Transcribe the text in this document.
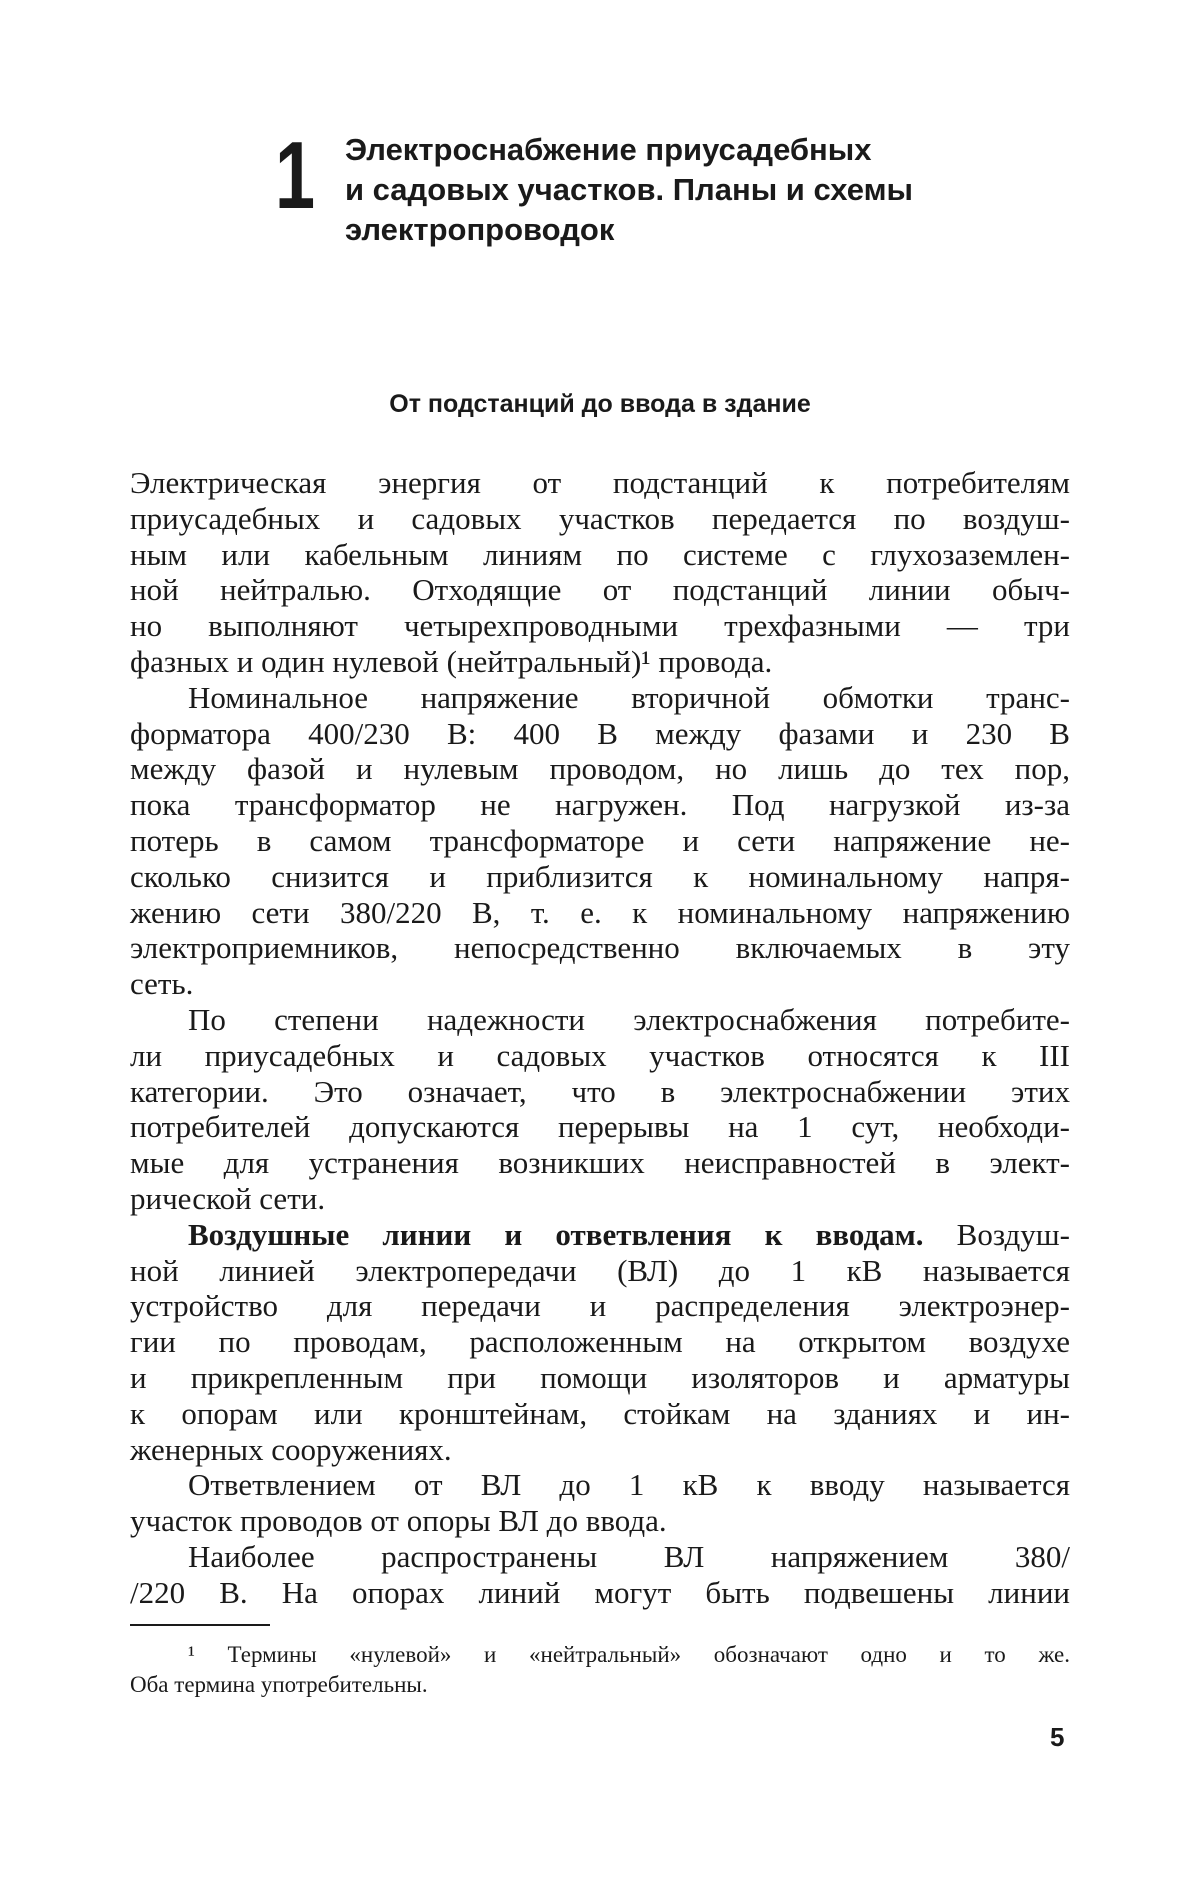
1 Электроснабжение приусадебных
и садовых участков. Планы и схемы
электропроводок
От подстанций до ввода в здание
Электрическая энергия от подстанций к потребителям
приусадебных и садовых участков передается по воздуш-
ным или кабельным линиям по системе с глухозаземлен-
ной нейтралью. Отходящие от подстанций линии обыч-
но выполняют четырехпроводными трехфазными — три
фазных и один нулевой (нейтральный)¹ провода.
Номинальное напряжение вторичной обмотки транс-
форматора 400/230 В: 400 В между фазами и 230 В
между фазой и нулевым проводом, но лишь до тех пор,
пока трансформатор не нагружен. Под нагрузкой из-за
потерь в самом трансформаторе и сети напряжение не-
сколько снизится и приблизится к номинальному напря-
жению сети 380/220 В, т. е. к номинальному напряжению
электроприемников, непосредственно включаемых в эту
сеть.
По степени надежности электроснабжения потребите-
ли приусадебных и садовых участков относятся к III
категории. Это означает, что в электроснабжении этих
потребителей допускаются перерывы на 1 сут, необходи-
мые для устранения возникших неисправностей в элект-
рической сети.
Воздушные линии и ответвления к вводам. Воздуш-
ной линией электропередачи (ВЛ) до 1 кВ называется
устройство для передачи и распределения электроэнер-
гии по проводам, расположенным на открытом воздухе
и прикрепленным при помощи изоляторов и арматуры
к опорам или кронштейнам, стойкам на зданиях и ин-
женерных сооружениях.
Ответвлением от ВЛ до 1 кВ к вводу называется
участок проводов от опоры ВЛ до ввода.
Наиболее распространены ВЛ напряжением 380/
/220 В. На опорах линий могут быть подвешены линии
¹ Термины «нулевой» и «нейтральный» обозначают одно и то же.
Оба термина употребительны.
5
